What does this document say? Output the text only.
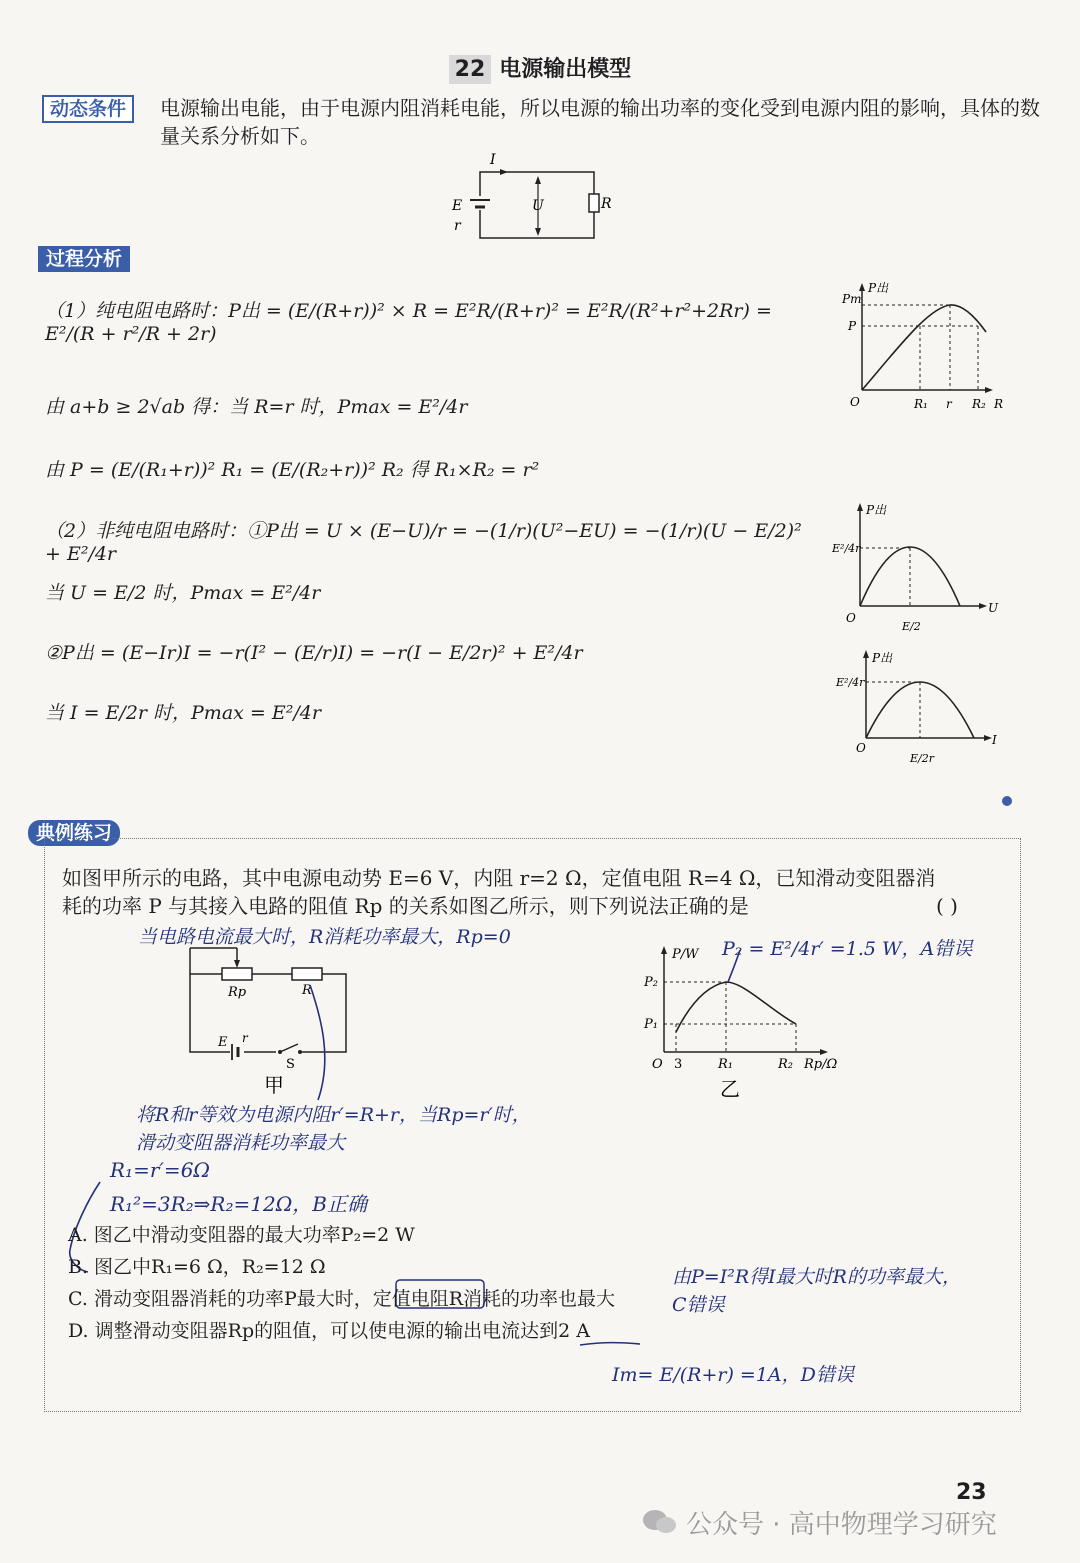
22 电源输出模型
动态条件	电源输出电能，由于电源内阻消耗电能，所以电源的输出功率的变化受到电源内阻的影响，具体的数量关系分析如下。
I
E
r
U	R
过程分析
（1）纯电阻电路时：P出 = (E/(R+r))² × R = E²R/(R+r)² = E²R/(R²+r²+2Rr) = E²/(R + r²/R + 2r)
由 a+b ≥ 2√ab 得：当 R=r 时，Pmax = E²/4r
由 P = (E/(R₁+r))² R₁ = (E/(R₂+r))² R₂ 得 R₁×R₂ = r²
（2）非纯电阻电路时：①P出 = U × (E−U)/r = −(1/r)(U²−EU) = −(1/r)(U − E/2)² + E²/4r
当 U = E/2 时，Pmax = E²/4r
②P出 = (E−Ir)I = −r(I² − (E/r)I) = −r(I − E/2r)² + E²/4r
当 I = E/2r 时，Pmax = E²/4r
P出
Pm
P
O	R₁ r R₂ R
P出
E²/4r
O
E/2
U
P出
E²/4r
O
E/2r
I
典例练习
如图甲所示的电路，其中电源电动势 E=6 V，内阻 r=2 Ω，定值电阻 R=4 Ω，已知滑动变阻器消耗的功率 P 与其接入电路的阻值 Rp 的关系如图乙所示，则下列说法正确的是	( )
Rp	R
E r
S
甲
P/W
P₂
P₁
O 3	R₁	R₂ Rp/Ω
乙
当电路电流最大时，R消耗功率最大，Rp=0
P₂ = E²/4r′ =1.5 W，A错误
将R和r等效为电源内阻r′=R+r，当Rp=r′时，
滑动变阻器消耗功率最大
R₁=r′=6Ω
R₁²=3R₂⇒R₂=12Ω，B正确
由P=I²R得I最大时R的功率最大，
C错误
Im= E/(R+r) =1A，D错误
A. 图乙中滑动变阻器的最大功率P₂=2 W
B. 图乙中R₁=6 Ω，R₂=12 Ω
C. 滑动变阻器消耗的功率P最大时，定值电阻R消耗的功率也最大
D. 调整滑动变阻器Rp的阻值，可以使电源的输出电流达到2 A
23
公众号 · 高中物理学习研究
